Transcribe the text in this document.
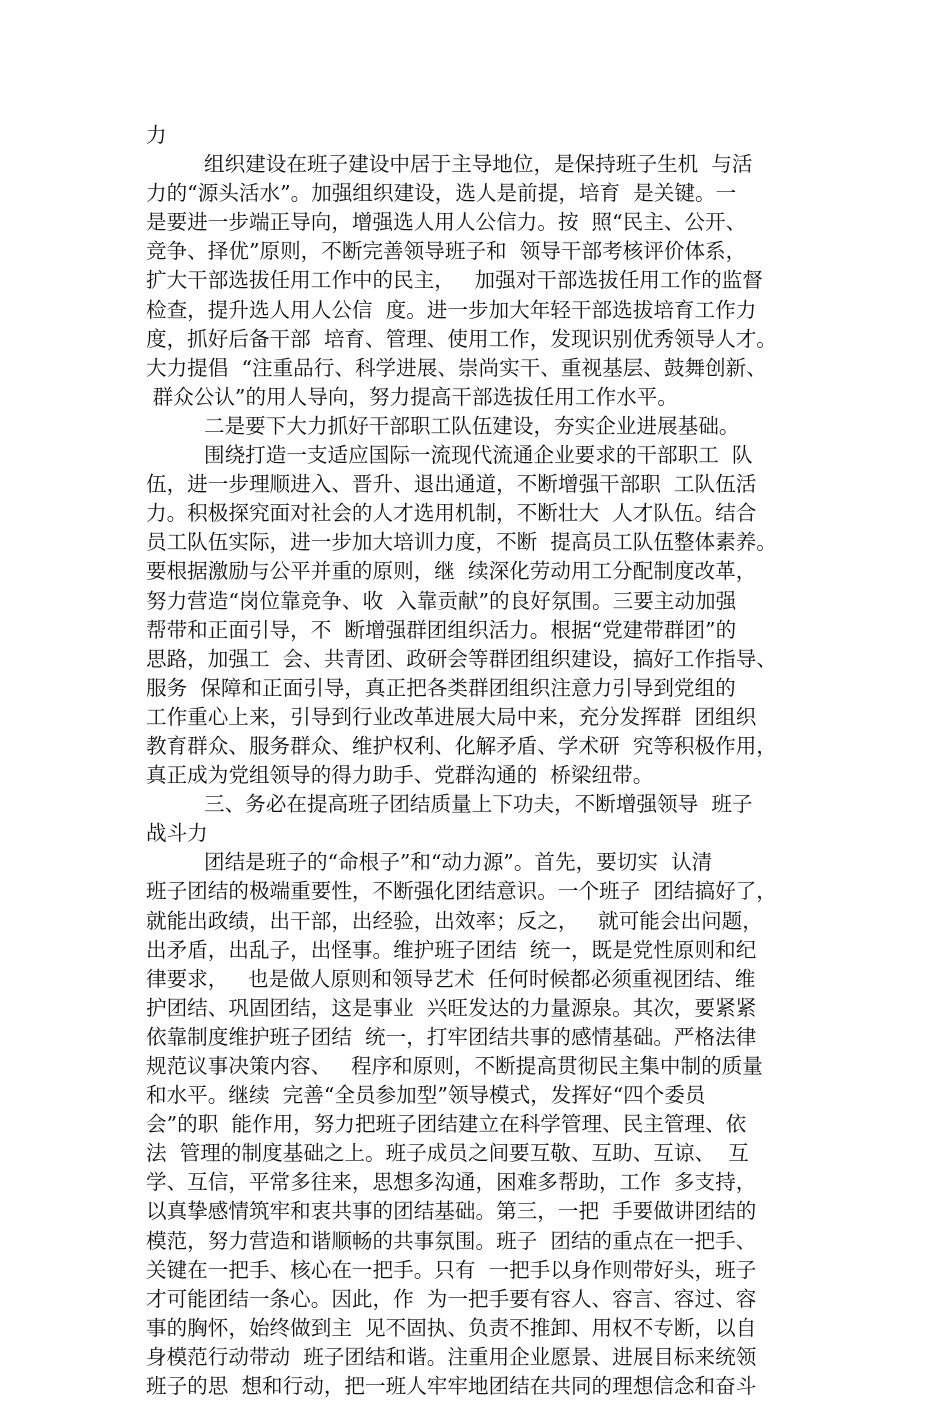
力
组织建设在班子建设中居于主导地位，是保持班子生机  与活
力的“源头活水”。加强组织建设，选人是前提，培育  是关键。一
是要进一步端正导向，增强选人用人公信力。按  照“民主、公开、
竞争、择优”原则，不断完善领导班子和  领导干部考核评价体系，
扩大干部选拔任用工作中的民主，   加强对干部选拔任用工作的监督
检查，提升选人用人公信  度。进一步加大年轻干部选拔培育工作力
度，抓好后备干部  培育、管理、使用工作，发现识别优秀领导人才。
大力提倡  “注重品行、科学进展、崇尚实干、重视基层、鼓舞创新、
群众公认”的用人导向，努力提高干部选拔任用工作水平。
二是要下大力抓好干部职工队伍建设，夯实企业进展基础。
围绕打造一支适应国际一流现代流通企业要求的干部职工  队
伍，进一步理顺进入、晋升、退出通道，不断增强干部职  工队伍活
力。积极探究面对社会的人才选用机制，不断壮大  人才队伍。结合
员工队伍实际，进一步加大培训力度，不断  提高员工队伍整体素养。
要根据激励与公平并重的原则，继  续深化劳动用工分配制度改革，
努力营造“岗位靠竞争、收  入靠贡献”的良好氛围。三要主动加强
帮带和正面引导，不  断增强群团组织活力。根据“党建带群团”的
思路，加强工  会、共青团、政研会等群团组织建设，搞好工作指导、
服务  保障和正面引导，真正把各类群团组织注意力引导到党组的
工作重心上来，引导到行业改革进展大局中来，充分发挥群  团组织
教育群众、服务群众、维护权利、化解矛盾、学术研  究等积极作用，
真正成为党组领导的得力助手、党群沟通的  桥梁纽带。
三、务必在提高班子团结质量上下功夫，不断增强领导  班子
战斗力
团结是班子的“命根子”和“动力源”。首先，要切实  认清
班子团结的极端重要性，不断强化团结意识。一个班子  团结搞好了，
就能出政绩，出干部，出经验，出效率；反之，   就可能会出问题，
出矛盾，出乱子，出怪事。维护班子团结  统一，既是党性原则和纪
律要求，   也是做人原则和领导艺术  任何时候都必须重视团结、维
护团结、巩固团结，这是事业  兴旺发达的力量源泉。其次，要紧紧
依靠制度维护班子团结  统一，打牢团结共事的感情基础。严格法律
规范议事决策内容、   程序和原则，不断提高贯彻民主集中制的质量
和水平。继续  完善“全员参加型”领导模式，发挥好“四个委员
会”的职  能作用，努力把班子团结建立在科学管理、民主管理、依
法  管理的制度基础之上。班子成员之间要互敬、互助、互谅、  互
学、互信，平常多往来，思想多沟通，困难多帮助，工作  多支持，
以真挚感情筑牢和衷共事的团结基础。第三，一把  手要做讲团结的
模范，努力营造和谐顺畅的共事氛围。班子  团结的重点在一把手、
关键在一把手、核心在一把手。只有  一把手以身作则带好头，班子
才可能团结一条心。因此，作  为一把手要有容人、容言、容过、容
事的胸怀，始终做到主  见不固执、负责不推卸、用权不专断，以自
身模范行动带动  班子团结和谐。注重用企业愿景、进展目标来统领
班子的思  想和行动，把一班人牢牢地团结在共同的理想信念和奋斗
